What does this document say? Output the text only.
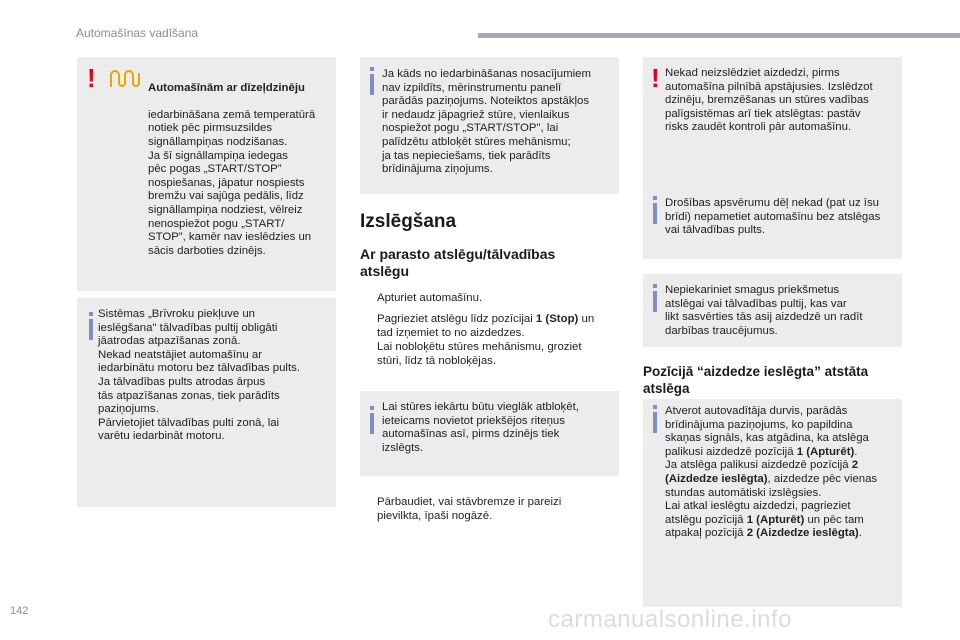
Automašīnas vadīšana
!	Automašīnām ar dīzeļdzinēju

iedarbināšana zemā temperatūrā
notiek pēc pirmsuzsildes
signāllampiņas nodzišanas.
Ja šī signāllampiņa iedegas
pēc pogas „START/STOP”
nospiešanas, jāpatur nospiests
bremžu vai sajūga pedālis, līdz
signāllampiņa nodziest, vēlreiz
nenospiežot pogu „START/
STOP”, kamēr nav ieslēdzies un
sācis darboties dzinējs.

Sistēmas „Brīvroku piekļuve un
ieslēgšana" tālvadības pultij obligāti
jāatrodas atpazīšanas zonā.
Nekad neatstājiet automašīnu ar
iedarbinātu motoru bez tālvadības pults.
Ja tālvadības pults atrodas ārpus
tās atpazīšanas zonas, tiek parādīts
paziņojums.
Pārvietojiet tālvadības pulti zonā, lai
varētu iedarbināt motoru.
Ja kāds no iedarbināšanas nosacījumiem
nav izpildīts, mērinstrumentu panelī
parādās paziņojums. Noteiktos apstākļos
ir nedaudz jāpagriež stūre, vienlaikus
nospiežot pogu „START/STOP", lai
palīdzētu atbloķēt stūres mehānismu;
ja tas nepieciešams, tiek parādīts
brīdinājuma ziņojums.
Izslēgšana
Ar parasto atslēgu/tālvadības
atslēgu
Apturiet automašīnu.
Pagrieziet atslēgu līdz pozīcijai 1 (Stop) un
tad izņemiet to no aizdedzes.
Lai nobloķētu stūres mehānismu, groziet
stūri, līdz tā nobloķējas.
Lai stūres iekārtu būtu vieglāk atbloķēt,
ieteicams novietot priekšējos riteņus
automašīnas asī, pirms dzinējs tiek
izslēgts.
Pārbaudiet, vai stāvbremze ir pareizi
pievilkta, īpaši nogāzē.
! Nekad neizslēdziet aizdedzi, pirms
automašīna pilnībā apstājusies. Izslēdzot
dzinēju, bremzēšanas un stūres vadības
palīgsistēmas arī tiek atslēgtas: pastāv
risks zaudēt kontroli pār automašīnu.
Drošības apsvērumu dēļ nekad (pat uz īsu
brīdi) nepametiet automašīnu bez atslēgas
vai tālvadības pults.
Nepiekariniet smagus priekšmetus
atslēgai vai tālvadības pultij, kas var
likt sasvērties tās asij aizdedzē un radīt
darbības traucējumus.
Pozīcijā “aizdedze ieslēgta” atstāta
atslēga
Atverot autovadītāja durvis, parādās
brīdinājuma paziņojums, ko papildina
skaņas signāls, kas atgādina, ka atslēga
palikusi aizdedzē pozīcijā 1 (Apturēt).
Ja atslēga palikusi aizdedzē pozīcijā 2
(Aizdedze ieslēgta), aizdedze pēc vienas
stundas automātiski izslēgsies.
Lai atkal ieslēgtu aizdedzi, pagrieziet
atslēgu pozīcijā 1 (Apturēt) un pēc tam
atpakaļ pozīcijā 2 (Aizdedze ieslēgta).
142	carmanualsonline.info
